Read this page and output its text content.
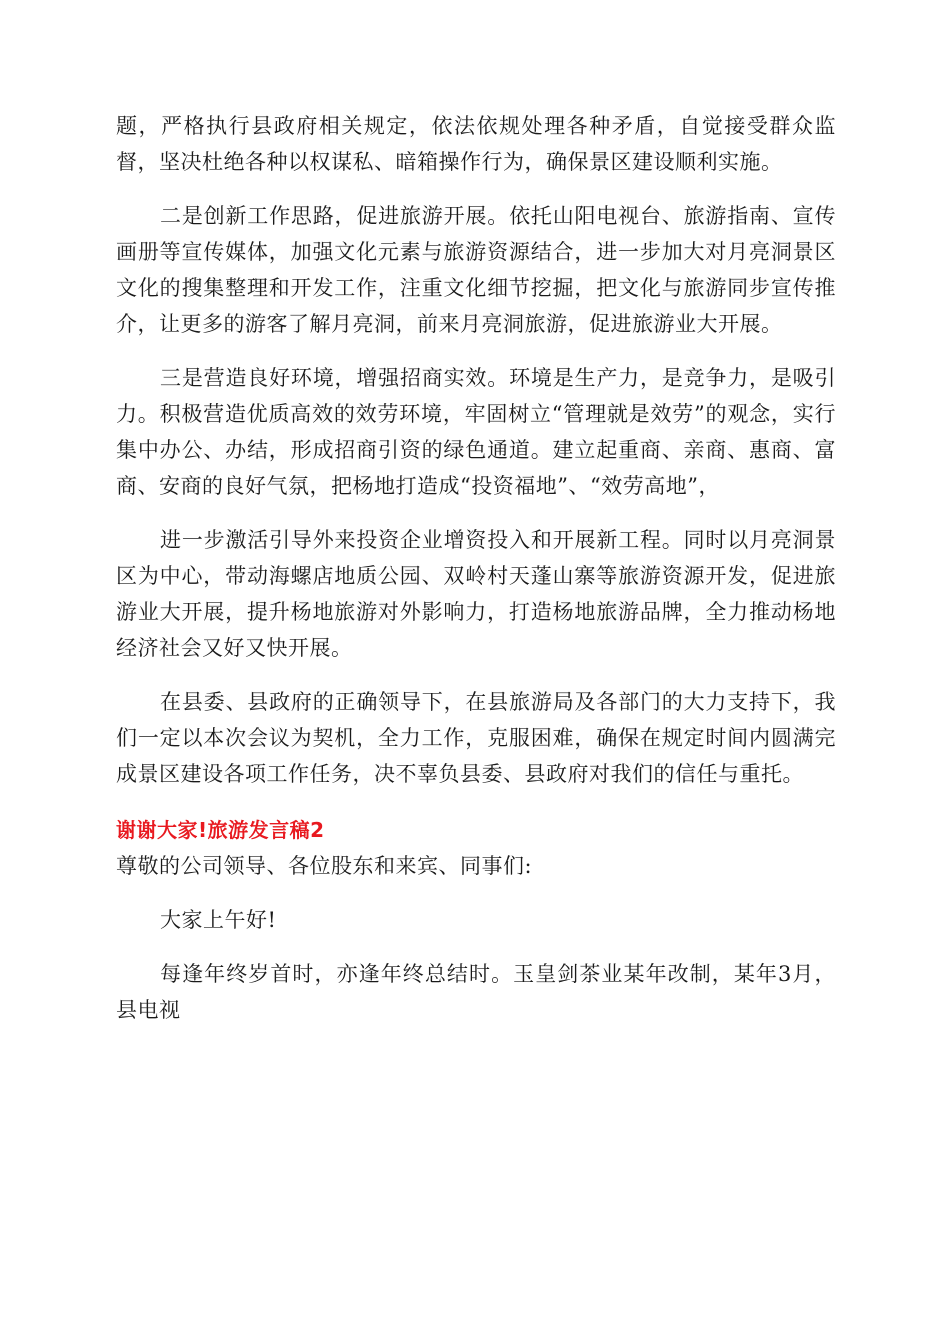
题，严格执行县政府相关规定，依法依规处理各种矛盾，自觉接受群众监督，坚决杜绝各种以权谋私、暗箱操作行为，确保景区建设顺利实施。

二是创新工作思路，促进旅游开展。依托山阳电视台、旅游指南、宣传画册等宣传媒体，加强文化元素与旅游资源结合，进一步加大对月亮洞景区文化的搜集整理和开发工作，注重文化细节挖掘，把文化与旅游同步宣传推介，让更多的游客了解月亮洞，前来月亮洞旅游，促进旅游业大开展。

三是营造良好环境，增强招商实效。环境是生产力，是竞争力，是吸引力。积极营造优质高效的效劳环境，牢固树立“管理就是效劳”的观念，实行集中办公、办结，形成招商引资的绿色通道。建立起重商、亲商、惠商、富商、安商的良好气氛，把杨地打造成“投资福地”、“效劳高地”，

进一步激活引导外来投资企业增资投入和开展新工程。同时以月亮洞景区为中心，带动海螺店地质公园、双岭村天蓬山寨等旅游资源开发，促进旅游业大开展，提升杨地旅游对外影响力，打造杨地旅游品牌，全力推动杨地经济社会又好又快开展。

在县委、县政府的正确领导下，在县旅游局及各部门的大力支持下，我们一定以本次会议为契机，全力工作，克服困难，确保在规定时间内圆满完成景区建设各项工作任务，决不辜负县委、县政府对我们的信任与重托。

谢谢大家!旅游发言稿2

尊敬的公司领导、各位股东和来宾、同事们:

大家上午好!

每逢年终岁首时，亦逢年终总结时。玉皇剑茶业某年改制，某年3月，县电视
